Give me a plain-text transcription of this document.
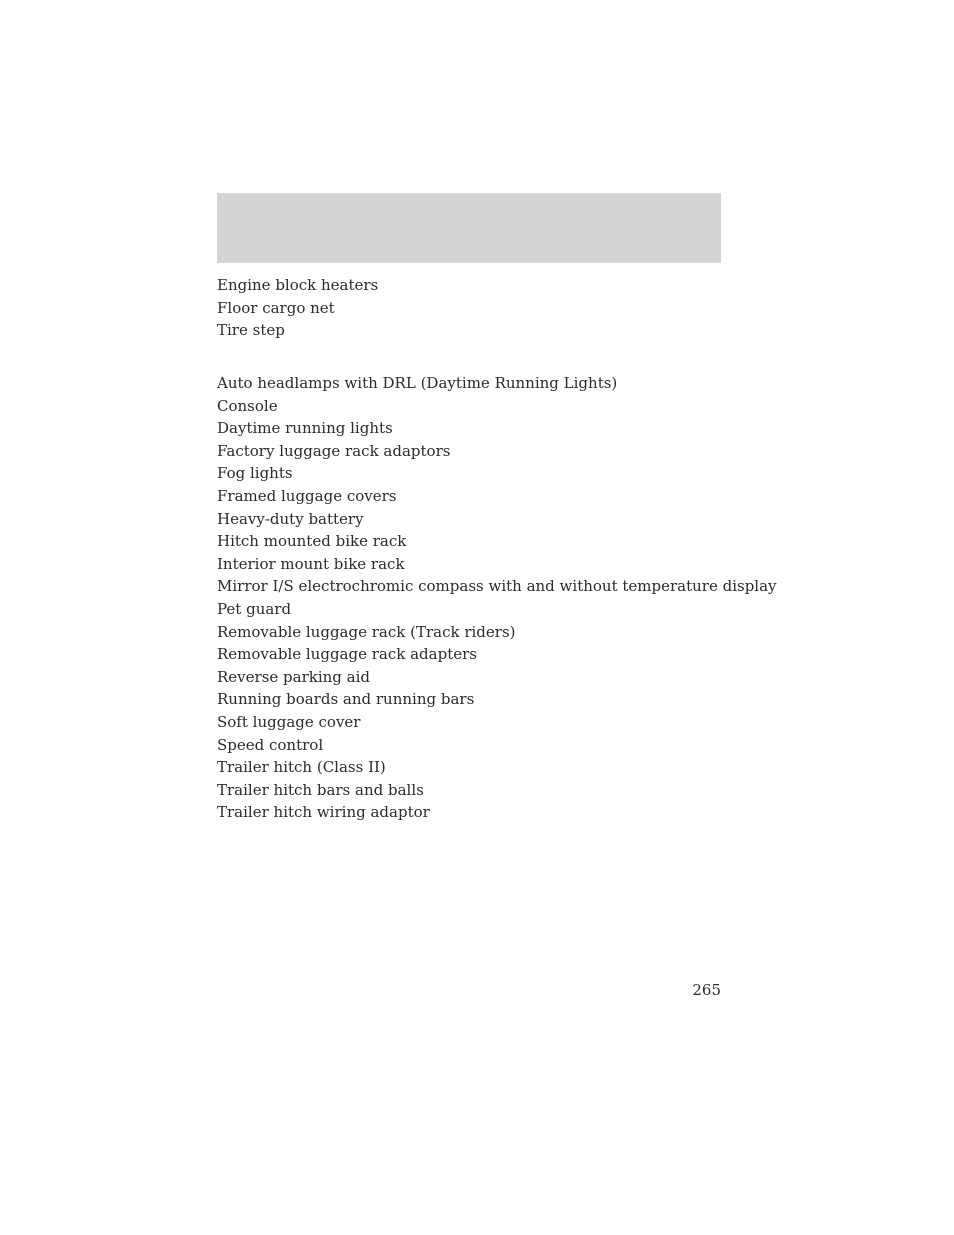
Engine block heaters
Floor cargo net
Tire step
Auto headlamps with DRL (Daytime Running Lights)
Console
Daytime running lights
Factory luggage rack adaptors
Fog lights
Framed luggage covers
Heavy-duty battery
Hitch mounted bike rack
Interior mount bike rack
Mirror I/S electrochromic compass with and without temperature display
Pet guard
Removable luggage rack (Track riders)
Removable luggage rack adapters
Reverse parking aid
Running boards and running bars
Soft luggage cover
Speed control
Trailer hitch (Class II)
Trailer hitch bars and balls
Trailer hitch wiring adaptor
265
